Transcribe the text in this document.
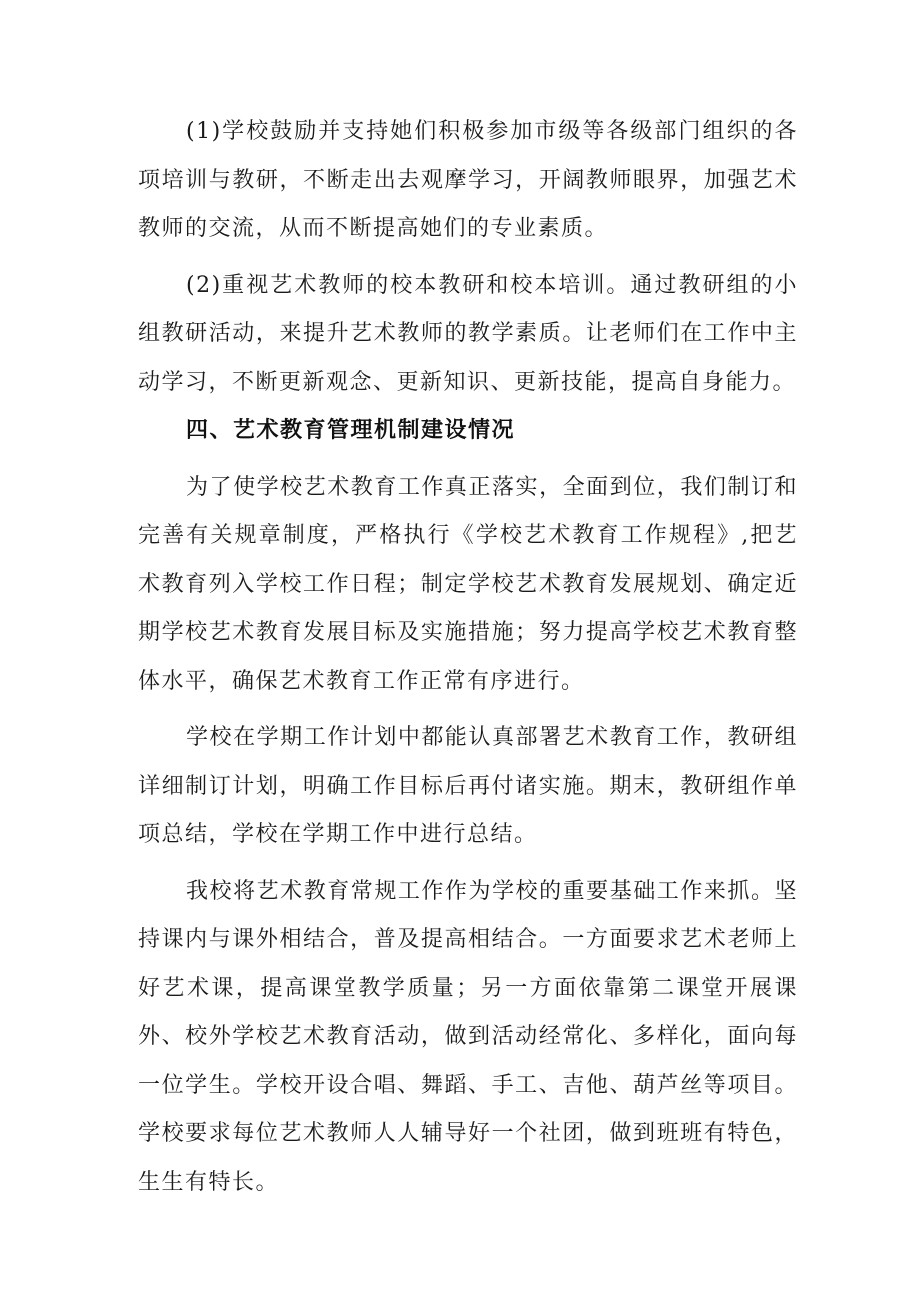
(1)学校鼓励并支持她们积极参加市级等各级部门组织的各项培训与教研，不断走出去观摩学习，开阔教师眼界，加强艺术教师的交流，从而不断提高她们的专业素质。

(2)重视艺术教师的校本教研和校本培训。通过教研组的小组教研活动，来提升艺术教师的教学素质。让老师们在工作中主动学习，不断更新观念、更新知识、更新技能，提高自身能力。

四、艺术教育管理机制建设情况

为了使学校艺术教育工作真正落实，全面到位，我们制订和完善有关规章制度，严格执行《学校艺术教育工作规程》,把艺术教育列入学校工作日程；制定学校艺术教育发展规划、确定近期学校艺术教育发展目标及实施措施；努力提高学校艺术教育整体水平，确保艺术教育工作正常有序进行。

学校在学期工作计划中都能认真部署艺术教育工作，教研组详细制订计划，明确工作目标后再付诸实施。期末，教研组作单项总结，学校在学期工作中进行总结。

我校将艺术教育常规工作作为学校的重要基础工作来抓。坚持课内与课外相结合，普及提高相结合。一方面要求艺术老师上好艺术课，提高课堂教学质量；另一方面依靠第二课堂开展课外、校外学校艺术教育活动，做到活动经常化、多样化，面向每一位学生。学校开设合唱、舞蹈、手工、吉他、葫芦丝等项目。学校要求每位艺术教师人人辅导好一个社团，做到班班有特色，生生有特长。
